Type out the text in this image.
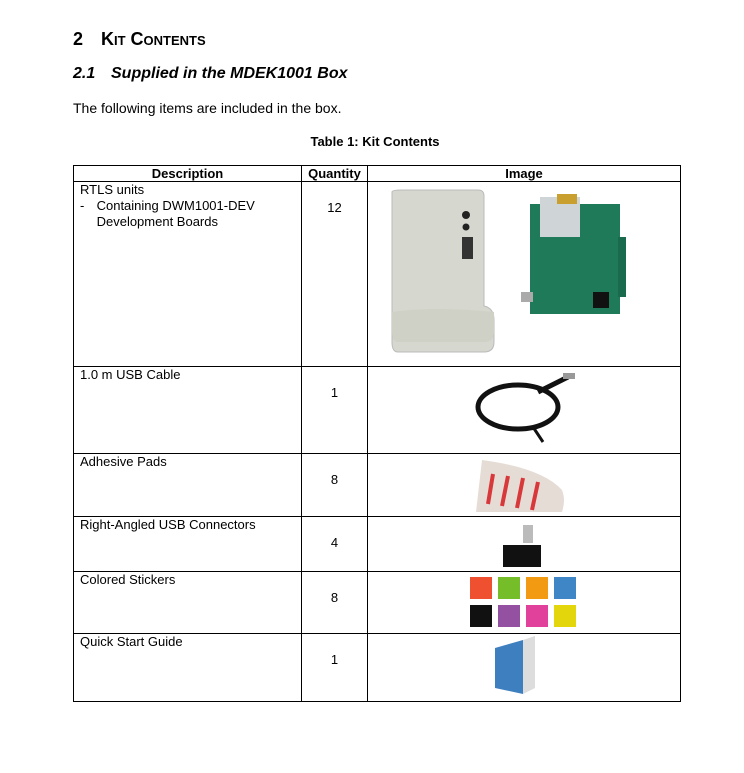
2 Kit Contents
2.1 Supplied in the MDEK1001 Box
The following items are included in the box.
Table 1: Kit Contents
Description	Quantity	Image

RTLS units
- Containing DWM1001-DEV Development Boards	12

1.0 m USB Cable	1

Adhesive Pads	8

Right-Angled USB Connectors	4

Colored Stickers	8	

Quick Start Guide	1
